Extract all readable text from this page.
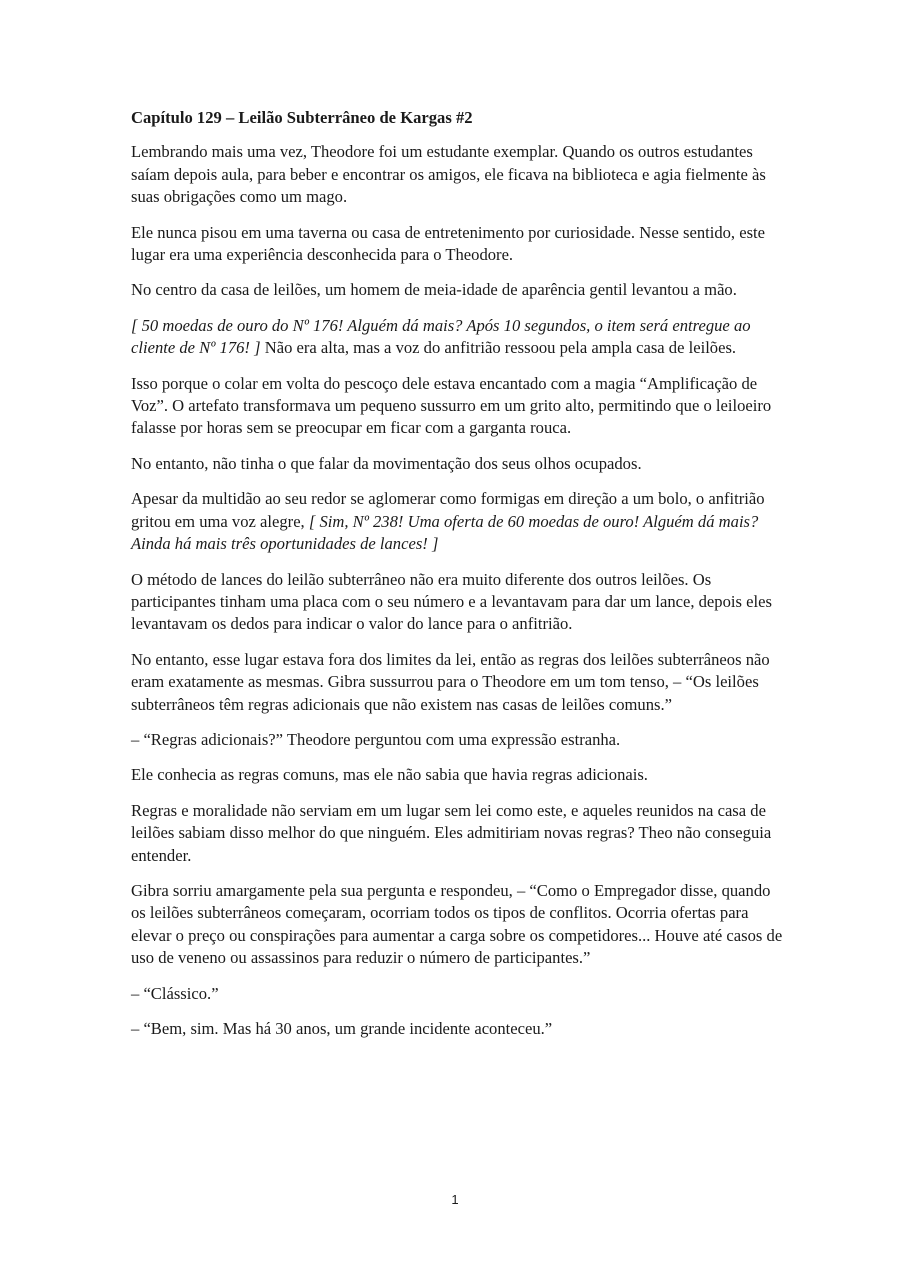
Capítulo 129 – Leilão Subterrâneo de Kargas #2

Lembrando mais uma vez, Theodore foi um estudante exemplar. Quando os outros estudantes saíam depois aula, para beber e encontrar os amigos, ele ficava na biblioteca e agia fielmente às suas obrigações como um mago.

Ele nunca pisou em uma taverna ou casa de entretenimento por curiosidade. Nesse sentido, este lugar era uma experiência desconhecida para o Theodore.

No centro da casa de leilões, um homem de meia-idade de aparência gentil levantou a mão.

[ 50 moedas de ouro do Nº 176! Alguém dá mais? Após 10 segundos, o item será entregue ao cliente de Nº 176! ] Não era alta, mas a voz do anfitrião ressoou pela ampla casa de leilões.

Isso porque o colar em volta do pescoço dele estava encantado com a magia “Amplificação de Voz”. O artefato transformava um pequeno sussurro em um grito alto, permitindo que o leiloeiro falasse por horas sem se preocupar em ficar com a garganta rouca.

No entanto, não tinha o que falar da movimentação dos seus olhos ocupados.

Apesar da multidão ao seu redor se aglomerar como formigas em direção a um bolo, o anfitrião gritou em uma voz alegre, [ Sim, Nº 238! Uma oferta de 60 moedas de ouro! Alguém dá mais? Ainda há mais três oportunidades de lances! ]

O método de lances do leilão subterrâneo não era muito diferente dos outros leilões. Os participantes tinham uma placa com o seu número e a levantavam para dar um lance, depois eles levantavam os dedos para indicar o valor do lance para o anfitrião.

No entanto, esse lugar estava fora dos limites da lei, então as regras dos leilões subterrâneos não eram exatamente as mesmas. Gibra sussurrou para o Theodore em um tom tenso, – “Os leilões subterrâneos têm regras adicionais que não existem nas casas de leilões comuns.”

– “Regras adicionais?” Theodore perguntou com uma expressão estranha.

Ele conhecia as regras comuns, mas ele não sabia que havia regras adicionais.

Regras e moralidade não serviam em um lugar sem lei como este, e aqueles reunidos na casa de leilões sabiam disso melhor do que ninguém. Eles admitiriam novas regras? Theo não conseguia entender.

Gibra sorriu amargamente pela sua pergunta e respondeu, – “Como o Empregador disse, quando os leilões subterrâneos começaram, ocorriam todos os tipos de conflitos. Ocorria ofertas para elevar o preço ou conspirações para aumentar a carga sobre os competidores... Houve até casos de uso de veneno ou assassinos para reduzir o número de participantes.”

– “Clássico.”

– “Bem, sim. Mas há 30 anos, um grande incidente aconteceu.”

1
